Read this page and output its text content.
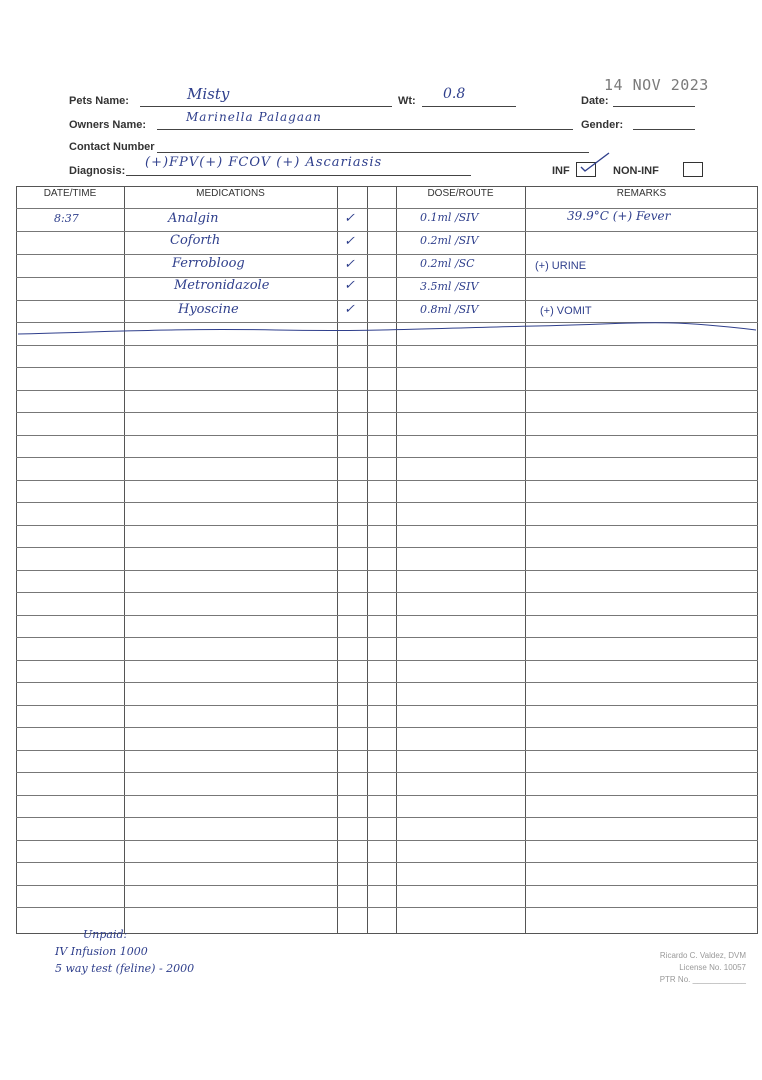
Pets Name:	Misty	Wt: 0.8	14 NOV 2023
Date:
Owners Name:
Marinella Palagaan
Gender:
Contact Number
Diagnosis:
(+)FPV(+) FCOV (+) Ascariasis
INF	NON-INF
DATE/TIME	MEDICATIONS	DOSE/ROUTE	REMARKS
8:37	Analgin	✓	0.1ml /SIV	39.9°C (+) Fever
Coforth	✓	0.2ml /SIV
Ferrobloog	✓	0.2ml /SC	(+) URINE
Metronidazole	✓	3.5ml /SIV
Hyoscine	✓	0.8ml /SIV	(+) VOMIT
Unpaid:
IV Infusion 1000
5 way test (feline) - 2000
Ricardo C. Valdez, DVM
License No. 10057
PTR No. ____________
